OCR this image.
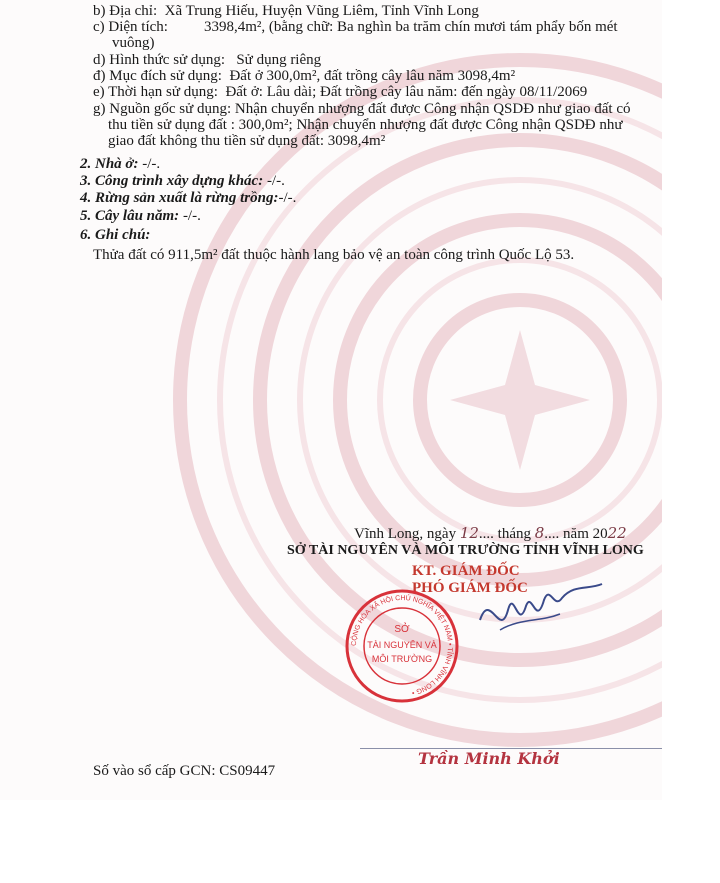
b) Địa chỉ: Xã Trung Hiếu, Huyện Vũng Liêm, Tỉnh Vĩnh Long
c) Diện tích: 3398,4m², (bằng chữ: Ba nghìn ba trăm chín mươi tám phẩy bốn mét
vuông)
d) Hình thức sử dụng: Sử dụng riêng
đ) Mục đích sử dụng: Đất ở 300,0m², đất trồng cây lâu năm 3098,4m²
e) Thời hạn sử dụng: Đất ở: Lâu dài; Đất trồng cây lâu năm: đến ngày 08/11/2069
g) Nguồn gốc sử dụng: Nhận chuyển nhượng đất được Công nhận QSDĐ như giao đất có
thu tiền sử dụng đất : 300,0m²; Nhận chuyển nhượng đất được Công nhận QSDĐ như
giao đất không thu tiền sử dụng đất: 3098,4m²
2. Nhà ở: -/-.
3. Công trình xây dựng khác: -/-.
4. Rừng sản xuất là rừng trồng:-/-.
5. Cây lâu năm: -/-.
6. Ghi chú:
Thửa đất có 911,5m² đất thuộc hành lang bảo vệ an toàn công trình Quốc Lộ 53.
Vĩnh Long, ngày 12.... tháng 8.... năm 2022
SỞ TÀI NGUYÊN VÀ MÔI TRƯỜNG TỈNH VĨNH LONG
KT. GIÁM ĐỐC
PHÓ GIÁM ĐỐC
CỘNG HÒA XÃ HỘI CHỦ NGHĨA VIỆT NAM • TỈNH VĨNH LONG •
SỞ
TÀI NGUYÊN VÀ
MÔI TRƯỜNG
Trần Minh Khởi
Số vào sổ cấp GCN: CS09447
